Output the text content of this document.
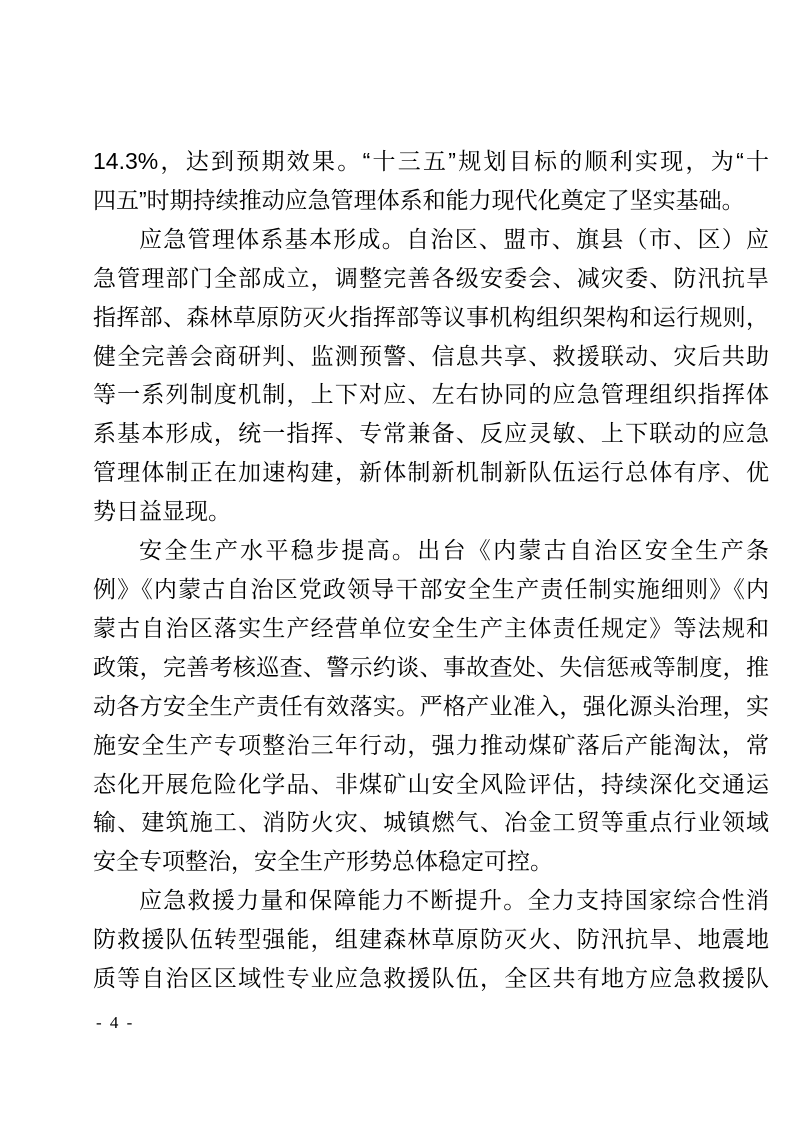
14.3%，达到预期效果。“十三五”规划目标的顺利实现，为“十
四五”时期持续推动应急管理体系和能力现代化奠定了坚实基础。
应急管理体系基本形成。自治区、盟市、旗县（市、区）应
急管理部门全部成立，调整完善各级安委会、减灾委、防汛抗旱
指挥部、森林草原防灭火指挥部等议事机构组织架构和运行规则，
健全完善会商研判、监测预警、信息共享、救援联动、灾后共助
等一系列制度机制，上下对应、左右协同的应急管理组织指挥体
系基本形成，统一指挥、专常兼备、反应灵敏、上下联动的应急
管理体制正在加速构建，新体制新机制新队伍运行总体有序、优
势日益显现。
安全生产水平稳步提高。出台《内蒙古自治区安全生产条
例》《内蒙古自治区党政领导干部安全生产责任制实施细则》《内
蒙古自治区落实生产经营单位安全生产主体责任规定》等法规和
政策，完善考核巡查、警示约谈、事故查处、失信惩戒等制度，推
动各方安全生产责任有效落实。严格产业准入，强化源头治理，实
施安全生产专项整治三年行动，强力推动煤矿落后产能淘汰，常
态化开展危险化学品、非煤矿山安全风险评估，持续深化交通运
输、建筑施工、消防火灾、城镇燃气、冶金工贸等重点行业领域
安全专项整治，安全生产形势总体稳定可控。
应急救援力量和保障能力不断提升。全力支持国家综合性消
防救援队伍转型强能，组建森林草原防灭火、防汛抗旱、地震地
质等自治区区域性专业应急救援队伍，全区共有地方应急救援队
- 4 -
